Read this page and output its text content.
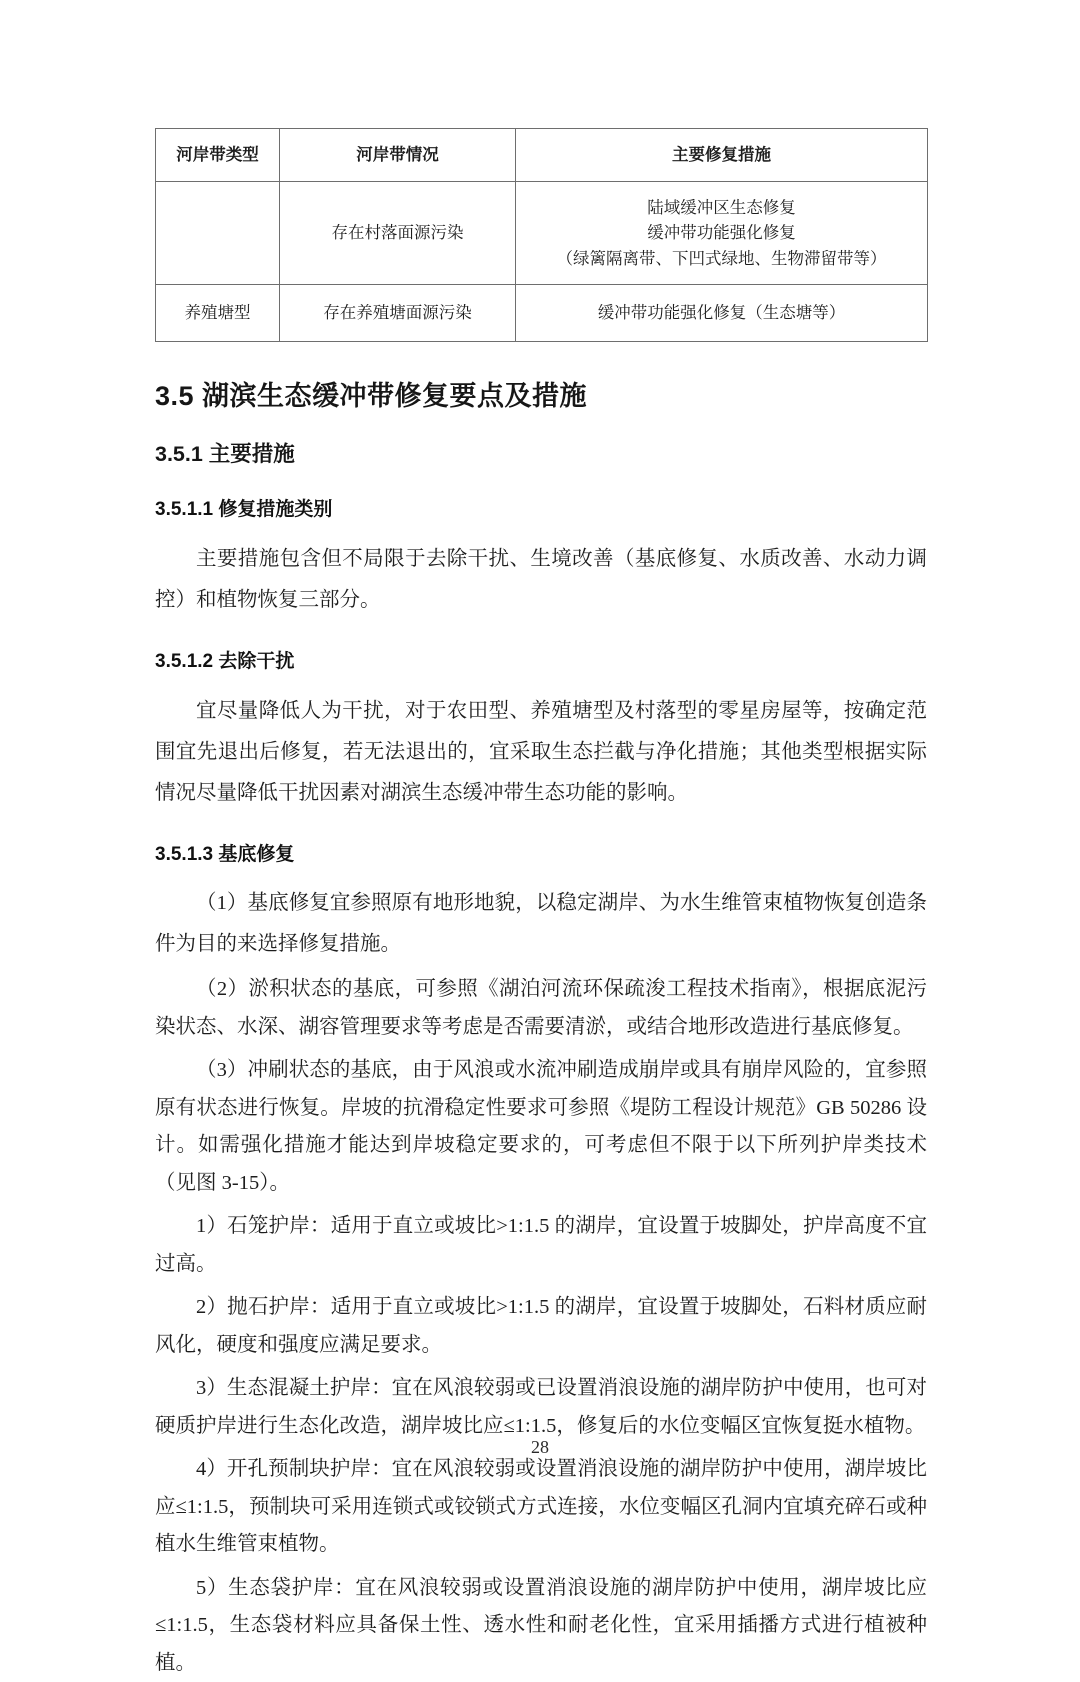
河岸带类型	河岸带情况	主要修复措施
	存在村落面源污染	陆域缓冲区生态修复
缓冲带功能强化修复
（绿篱隔离带、下凹式绿地、生物滞留带等）

养殖塘型	存在养殖塘面源污染	缓冲带功能强化修复（生态塘等）
3.5 湖滨生态缓冲带修复要点及措施
3.5.1 主要措施
3.5.1.1 修复措施类别

主要措施包含但不局限于去除干扰、生境改善（基底修复、水质改善、水动力调控）和植物恢复三部分。

3.5.1.2 去除干扰

宜尽量降低人为干扰，对于农田型、养殖塘型及村落型的零星房屋等，按确定范围宜先退出后修复，若无法退出的，宜采取生态拦截与净化措施；其他类型根据实际情况尽量降低干扰因素对湖滨生态缓冲带生态功能的影响。

3.5.1.3 基底修复

（1）基底修复宜参照原有地形地貌，以稳定湖岸、为水生维管束植物恢复创造条件为目的来选择修复措施。

（2）淤积状态的基底，可参照《湖泊河流环保疏浚工程技术指南》，根据底泥污染状态、水深、湖容管理要求等考虑是否需要清淤，或结合地形改造进行基底修复。

（3）冲刷状态的基底，由于风浪或水流冲刷造成崩岸或具有崩岸风险的，宜参照原有状态进行恢复。岸坡的抗滑稳定性要求可参照《堤防工程设计规范》GB 50286 设计。如需强化措施才能达到岸坡稳定要求的，可考虑但不限于以下所列护岸类技术（见图 3-15）。

1）石笼护岸：适用于直立或坡比>1:1.5 的湖岸，宜设置于坡脚处，护岸高度不宜过高。

2）抛石护岸：适用于直立或坡比>1:1.5 的湖岸，宜设置于坡脚处，石料材质应耐风化，硬度和强度应满足要求。

3）生态混凝土护岸：宜在风浪较弱或已设置消浪设施的湖岸防护中使用，也可对硬质护岸进行生态化改造，湖岸坡比应≤1:1.5，修复后的水位变幅区宜恢复挺水植物。

4）开孔预制块护岸：宜在风浪较弱或设置消浪设施的湖岸防护中使用，湖岸坡比应≤1:1.5，预制块可采用连锁式或铰锁式方式连接，水位变幅区孔洞内宜填充碎石或种植水生维管束植物。

5）生态袋护岸：宜在风浪较弱或设置消浪设施的湖岸防护中使用，湖岸坡比应≤1:1.5，生态袋材料应具备保土性、透水性和耐老化性，宜采用插播方式进行植被种植。

28
